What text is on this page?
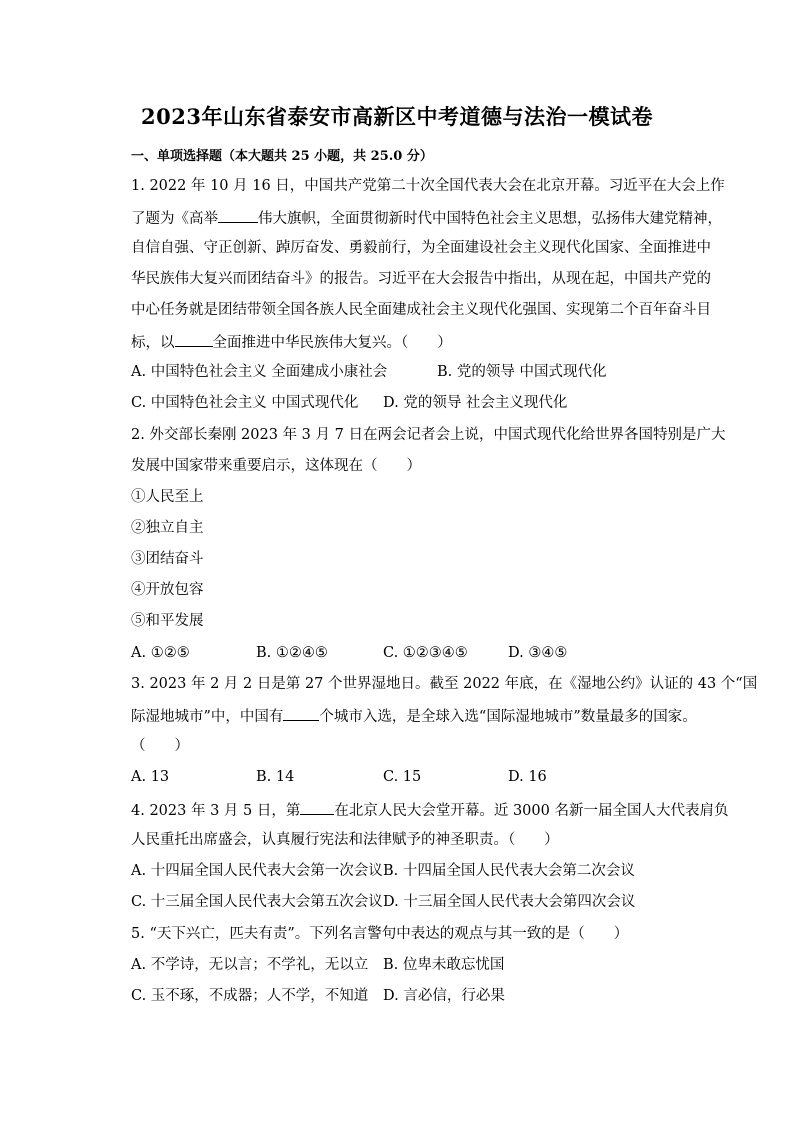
2023年山东省泰安市高新区中考道德与法治一模试卷
一、单项选择题（本大题共 25 小题，共 25.0 分）
1. 2022 年 10 月 16 日，中国共产党第二十次全国代表大会在北京开幕。习近平在大会上作
了题为《高举	伟大旗帜，全面贯彻新时代中国特色社会主义思想，弘扬伟大建党精神，
自信自强、守正创新、踔厉奋发、勇毅前行，为全面建设社会主义现代化国家、全面推进中
华民族伟大复兴而团结奋斗》的报告。习近平在大会报告中指出，从现在起，中国共产党的
中心任务就是团结带领全国各族人民全面建成社会主义现代化强国、实现第二个百年奋斗目
标，以	全面推进中华民族伟大复兴。（　　）
A. 中国特色社会主义 全面建成小康社会	B. 党的领导 中国式现代化
C. 中国特色社会主义 中国式现代化 D. 党的领导 社会主义现代化
2. 外交部长秦刚 2023 年 3 月 7 日在两会记者会上说，中国式现代化给世界各国特别是广大
发展中国家带来重要启示，这体现在（　　）
①人民至上
②独立自主
③团结奋斗
④开放包容
⑤和平发展
A. ①②⑤	B. ①②④⑤	C. ①②③④⑤	D. ③④⑤
3. 2023 年 2 月 2 日是第 27 个世界湿地日。截至 2022 年底，在《湿地公约》认证的 43 个“国
际湿地城市”中，中国有 个城市入选，是全球入选“国际湿地城市”数量最多的国家。
（　　）
A. 13	B. 14	C. 15	D. 16
4. 2023 年 3 月 5 日，第 在北京人民大会堂开幕。近 3000 名新一届全国人大代表肩负
人民重托出席盛会，认真履行宪法和法律赋予的神圣职责。（　　）
A. 十四届全国人民代表大会第一次会议 B. 十四届全国人民代表大会第二次会议
C. 十三届全国人民代表大会第五次会议 D. 十三届全国人民代表大会第四次会议
5. “天下兴亡，匹夫有责”。下列名言警句中表达的观点与其一致的是（　　）
A. 不学诗，无以言；不学礼，无以立 B. 位卑未敢忘忧国
C. 玉不琢，不成器；人不学，不知道 D. 言必信，行必果
